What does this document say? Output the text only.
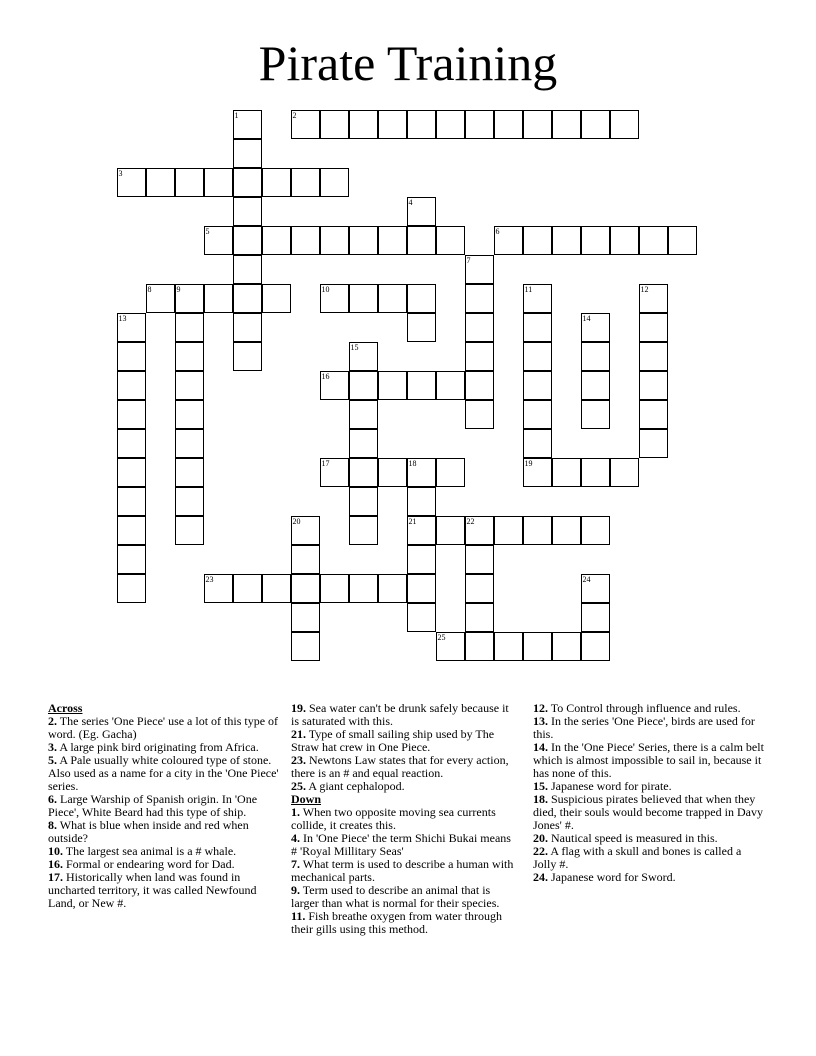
Pirate Training
1	2
3
4
5	6
7
8	9	10	11	12
13	14
15
16
17	18	19
20	21	22
23	24
25
Across
2. The series 'One Piece' use a lot of this type of word. (Eg. Gacha)
3. A large pink bird originating from Africa.
5. A Pale usually white coloured type of stone. Also used as a name for a city in the 'One Piece' series.
6. Large Warship of Spanish origin. In 'One Piece', White Beard had this type of ship.
8. What is blue when inside and red when outside?
10. The largest sea animal is a # whale.
16. Formal or endearing word for Dad.
17. Historically when land was found in uncharted territory, it was called Newfound Land, or New #.
19. Sea water can't be drunk safely because it is saturated with this.
21. Type of small sailing ship used by The Straw hat crew in One Piece.
23. Newtons Law states that for every action, there is an # and equal reaction.
25. A giant cephalopod.
Down
1. When two opposite moving sea currents collide, it creates this.
4. In 'One Piece' the term Shichi Bukai means # 'Royal Millitary Seas'
7. What term is used to describe a human with mechanical parts.
9. Term used to describe an animal that is larger than what is normal for their species.
11. Fish breathe oxygen from water through their gills using this method.
12. To Control through influence and rules.
13. In the series 'One Piece', birds are used for this.
14. In the 'One Piece' Series, there is a calm belt which is almost impossible to sail in, because it has none of this.
15. Japanese word for pirate.
18. Suspicious pirates believed that when they died, their souls would become trapped in Davy Jones' #.
20. Nautical speed is measured in this.
22. A flag with a skull and bones is called a Jolly #.
24. Japanese word for Sword.
